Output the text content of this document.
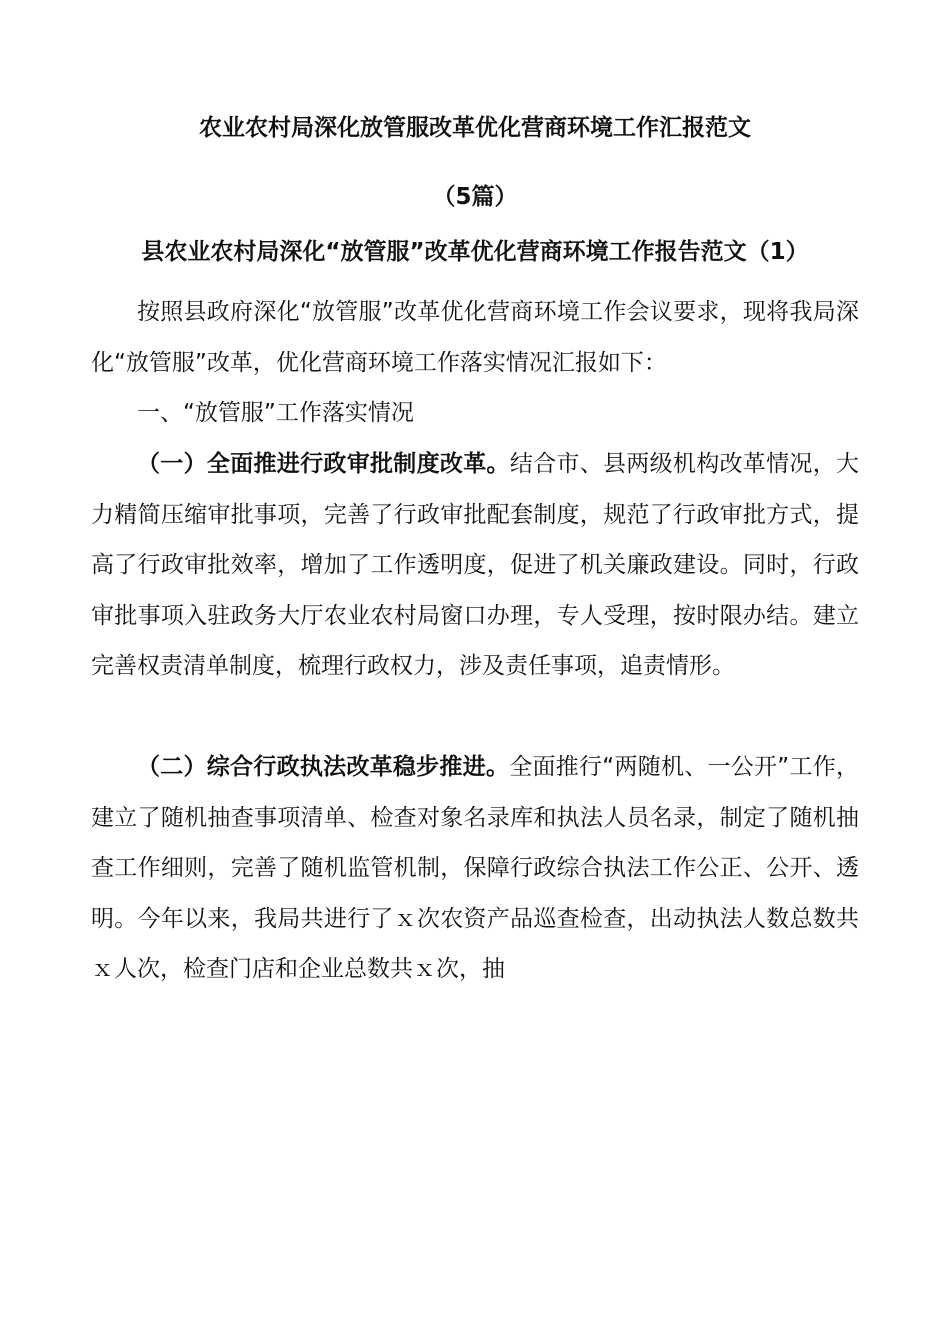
农业农村局深化放管服改革优化营商环境工作汇报范文
（5篇）
县农业农村局深化“放管服”改革优化营商环境工作报告范文（1）

按照县政府深化“放管服”改革优化营商环境工作会议要求，现将我局深化“放管服”改革，优化营商环境工作落实情况汇报如下：

一、“放管服”工作落实情况

（一）全面推进行政审批制度改革。结合市、县两级机构改革情况，大力精简压缩审批事项，完善了行政审批配套制度，规范了行政审批方式，提高了行政审批效率，增加了工作透明度，促进了机关廉政建设。同时，行政审批事项入驻政务大厅农业农村局窗口办理，专人受理，按时限办结。建立完善权责清单制度，梳理行政权力，涉及责任事项，追责情形。

（二）综合行政执法改革稳步推进。全面推行“两随机、一公开”工作，建立了随机抽查事项清单、检查对象名录库和执法人员名录，制定了随机抽查工作细则，完善了随机监管机制，保障行政综合执法工作公正、公开、透明。今年以来，我局共进行了ｘ次农资产品巡查检查，出动执法人数总数共ｘ人次，检查门店和企业总数共ｘ次，抽
